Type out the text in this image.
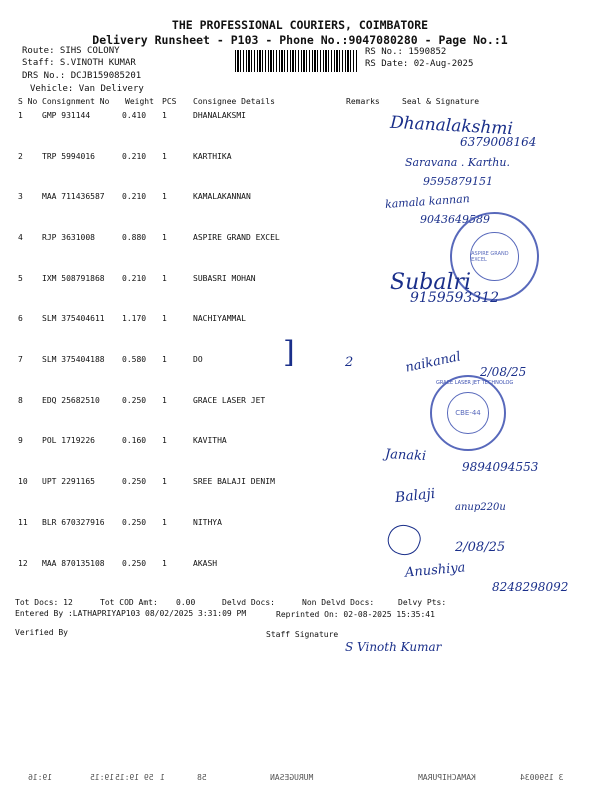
THE PROFESSIONAL COURIERS, COIMBATORE
Delivery Runsheet - P103 - Phone No.:9047080280 - Page No.:1
Route: SIHS COLONY
Staff: S.VINOTH KUMAR
DRS No.: DCJB159085201
Vehicle: Van Delivery
RS No.: 1590852
RS Date: 02-Aug-2025
S No Consignment No Weight PCS Consignee Details	Remarks	Seal & Signature
1 GMP 931144	0.410 1	DHANALAKSMI
2 TRP 5994016	0.210 1	KARTHIKA
3 MAA 711436587 0.210 1	KAMALAKANNAN
4 RJP 3631008	0.880 1	ASPIRE GRAND EXCEL
5 IXM 508791868 0.210 1	SUBASRI MOHAN
6 SLM 375404611 1.170 1	NACHIYAMMAL
7 SLM 375404188 0.580 1	DO
8 EDQ 25682510	0.250 1	GRACE LASER JET
9 POL 1719226	0.160 1	KAVITHA
10 UPT 2291165	0.250 1	SREE BALAJI DENIM
11 BLR 670327916 0.250 1	NITHYA
12 MAA 870135108 0.250 1	AKASH
Dhanalakshmi
6379008164
Saravana . Karthu.
9595879151
kamala kannan
9043649589
ASPIRE GRAND EXCEL
Subalri
9159593312
]	2	naikanal 2/08/25
CBE-44
GRACE LASER JET TECHNOLOG
Janaki
9894094553
Balaji
anup220u
2/08/25
Anushiya
8248298092
Tot Docs: 12	Tot COD Amt: 0.00	Delvd Docs:	Non Delvd Docs:	Delvy Pts:
Entered By :LATHAPRIYAP103 08/02/2025 3:31:09 PM	Reprinted On: 02-08-2025 15:35:41
Verified By	Staff Signature
S Vinoth Kumar
3 1590034
KAMACHIPURAM
MURUGESAN
58
1
59 19:15
19:15
19:16
